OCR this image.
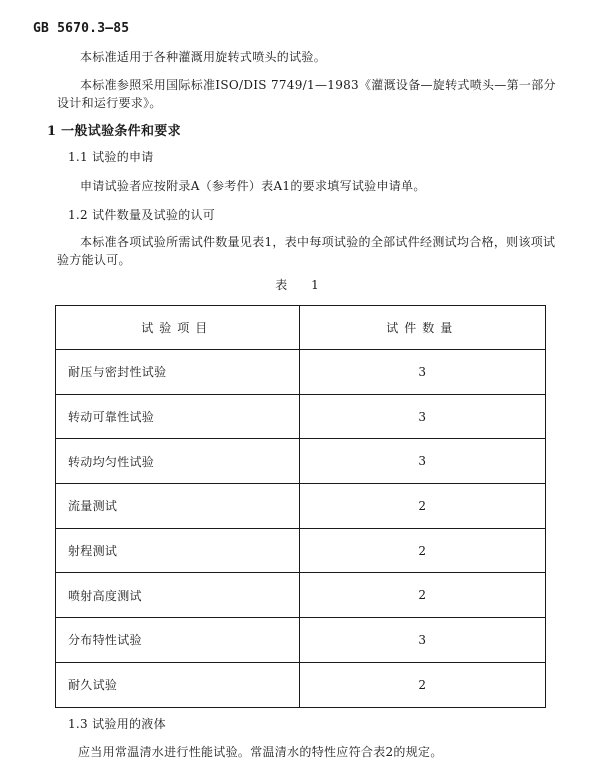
GB 5670.3—85
本标准适用于各种灌溉用旋转式喷头的试验。
本标准参照采用国际标准ISO/DIS 7749/1—1983《灌溉设备—旋转式喷头—第一部分设计和运行要求》。
1 一般试验条件和要求
1.1 试验的申请
申请试验者应按附录A（参考件）表A1的要求填写试验申请单。
1.2 试件数量及试验的认可
本标准各项试验所需试件数量见表1，表中每项试验的全部试件经测试均合格，则该项试验方能认可。
表 1
试验项目	试件数量
耐压与密封性试验	3
转动可靠性试验	3
转动均匀性试验	3
流量测试	2
射程测试	2
喷射高度测试	2
分布特性试验	3
耐久试验	2
1.3 试验用的液体
应当用常温清水进行性能试验。常温清水的特性应符合表2的规定。
